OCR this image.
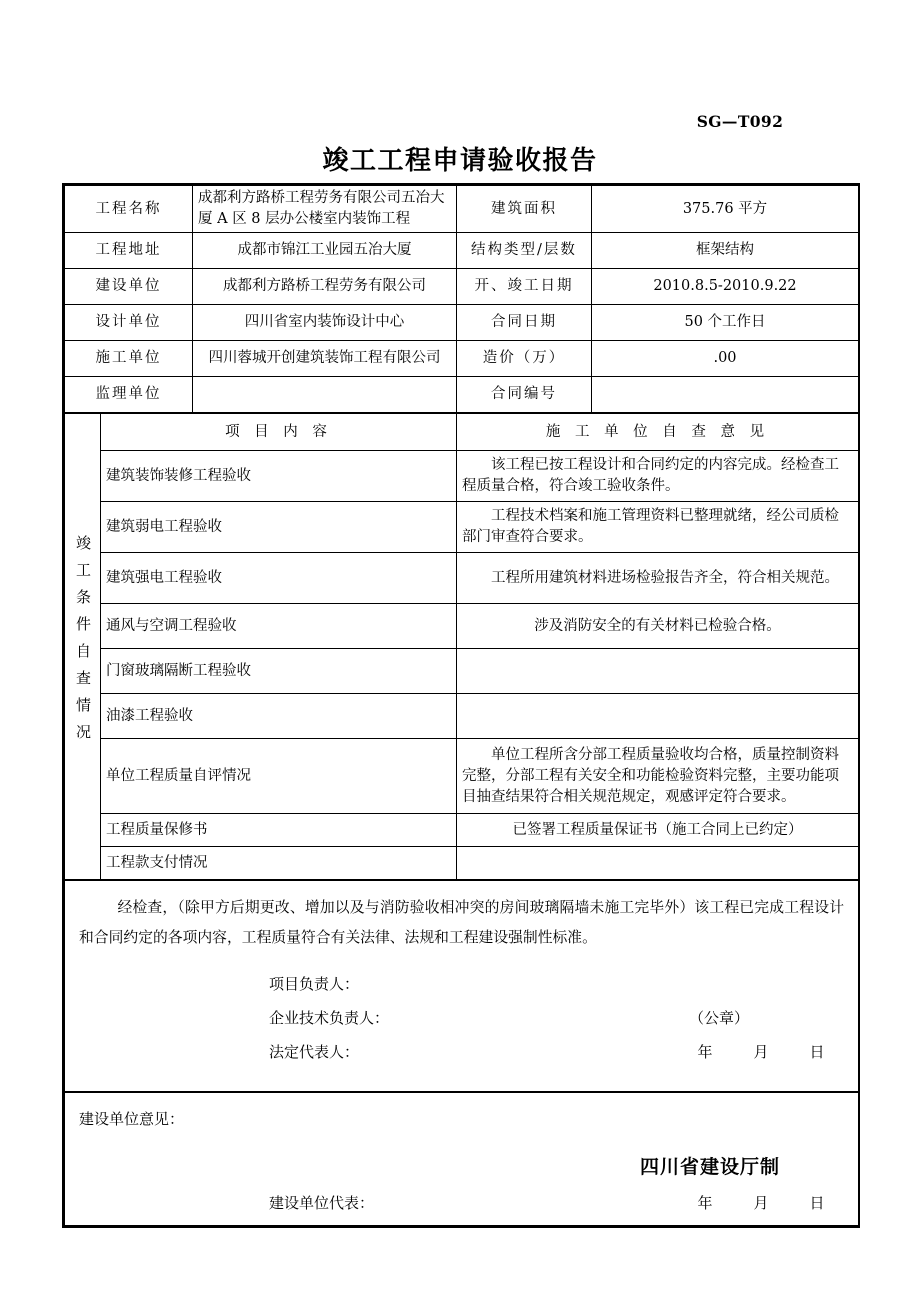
SG—T092
竣工工程申请验收报告
工程名称		成都利方路桥工程劳务有限公司五冶大厦 A 区 8 层办公楼室内装饰工程	建筑面积	375.76 平方
工程地址		成都市锦江工业园五冶大厦	结构类型/层数	框架结构
建设单位		成都利方路桥工程劳务有限公司	开、竣工日期	2010.8.5-2010.9.22
设计单位		四川省室内装饰设计中心	合同日期	50 个工作日
施工单位		四川蓉城开创建筑装饰工程有限公司	造价（万）	.00
监理单位			合同编号	
竣工条件自查情况	项 目 内 容		施 工 单 位 自 查 意 见	
	建筑装饰装修工程验收		该工程已按工程设计和合同约定的内容完成。经检查工程质量合格，符合竣工验收条件。	
	建筑弱电工程验收		工程技术档案和施工管理资料已整理就绪，经公司质检部门审查符合要求。	
	建筑强电工程验收		工程所用建筑材料进场检验报告齐全，符合相关规范。	
	通风与空调工程验收		涉及消防安全的有关材料已检验合格。	
	门窗玻璃隔断工程验收			
	油漆工程验收			
	单位工程质量自评情况		单位工程所含分部工程质量验收均合格，质量控制资料完整，分部工程有关安全和功能检验资料完整，主要功能项目抽查结果符合相关规范规定，观感评定符合要求。	
	工程质量保修书		已签署工程质量保证书（施工合同上已约定）	
	工程款支付情况			

经检查，（除甲方后期更改、增加以及与消防验收相冲突的房间玻璃隔墙未施工完毕外）该工程已完成工程设计和合同约定的各项内容，工程质量符合有关法律、法规和工程建设强制性标准。
项目负责人：
企业技术负责人：	（公章）
法定代表人：	年	月	日

建设单位意见：
建设单位代表： 年 月 日				
四川省建设厅制
